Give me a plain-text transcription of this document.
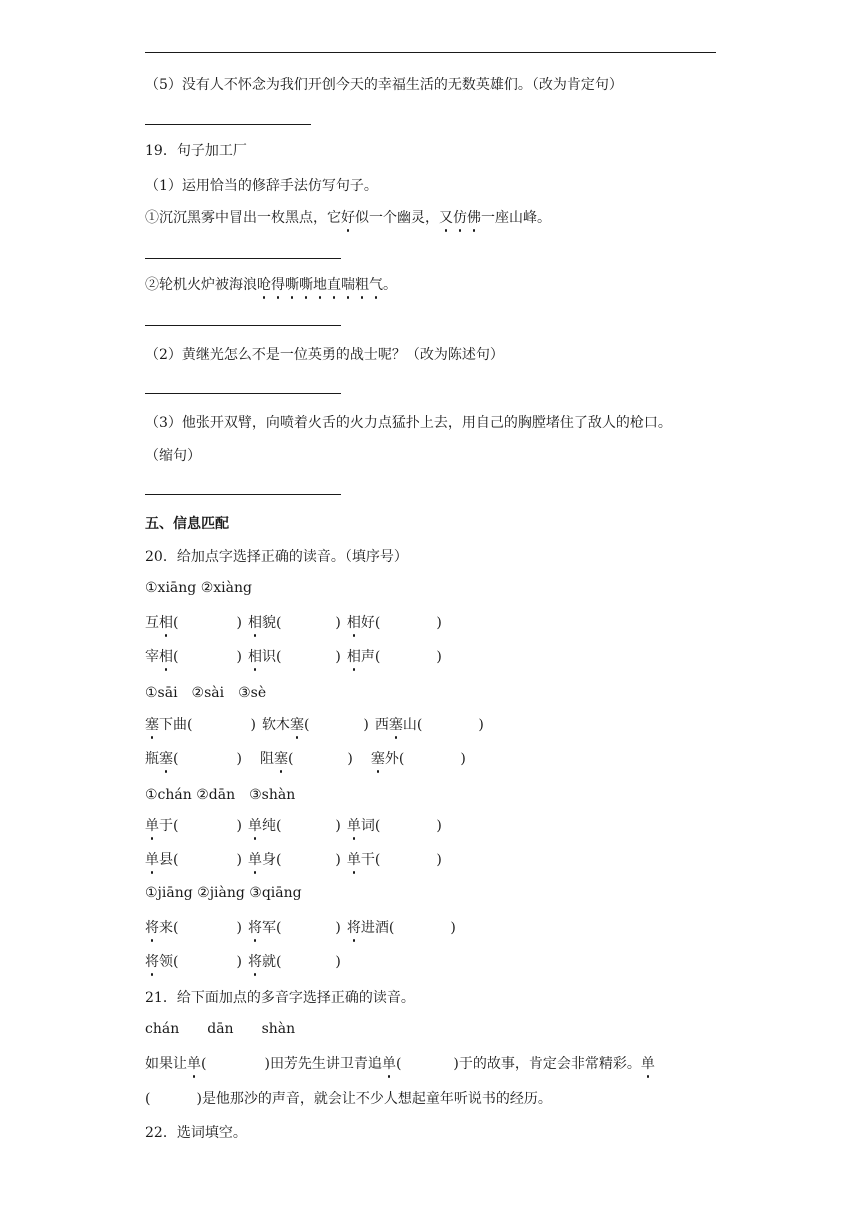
（5）没有人不怀念为我们开创今天的幸福生活的无数英雄们。（改为肯定句）
19．句子加工厂
（1）运用恰当的修辞手法仿写句子。
①沉沉黑雾中冒出一枚黑点，它好似一个幽灵，又仿佛一座山峰。
②轮机火炉被海浪呛得嘶嘶地直喘粗气。
（2）黄继光怎么不是一位英勇的战士呢？（改为陈述句）
（3）他张开双臂，向喷着火舌的火力点猛扑上去，用自己的胸膛堵住了敌人的枪口。
（缩句）
五、信息匹配
20．给加点字选择正确的读音。（填序号）
①xiāng ②xiàng
互相(	) 相貌(	) 相好(	)
宰相(	) 相识(	) 相声(	)
①sāi　②sài　③sè
塞下曲(	) 软木塞(	) 西塞山(	)
瓶塞(	) 阻塞(	) 塞外(	)
①chán ②dān　③shàn
单于(	) 单纯(	) 单词(	)
单县(	) 单身(	) 单干(	)
①jiāng ②jiàng ③qiāng
将来(	) 将军(	) 将进酒(	)
将领(	) 将就(	)
21．给下面加点的多音字选择正确的读音。
chán dān shàn
如果让单(	)田芳先生讲卫青追单(	)于的故事，肯定会非常精彩。单
(	)是他那沙的声音，就会让不少人想起童年听说书的经历。
22．选词填空。
